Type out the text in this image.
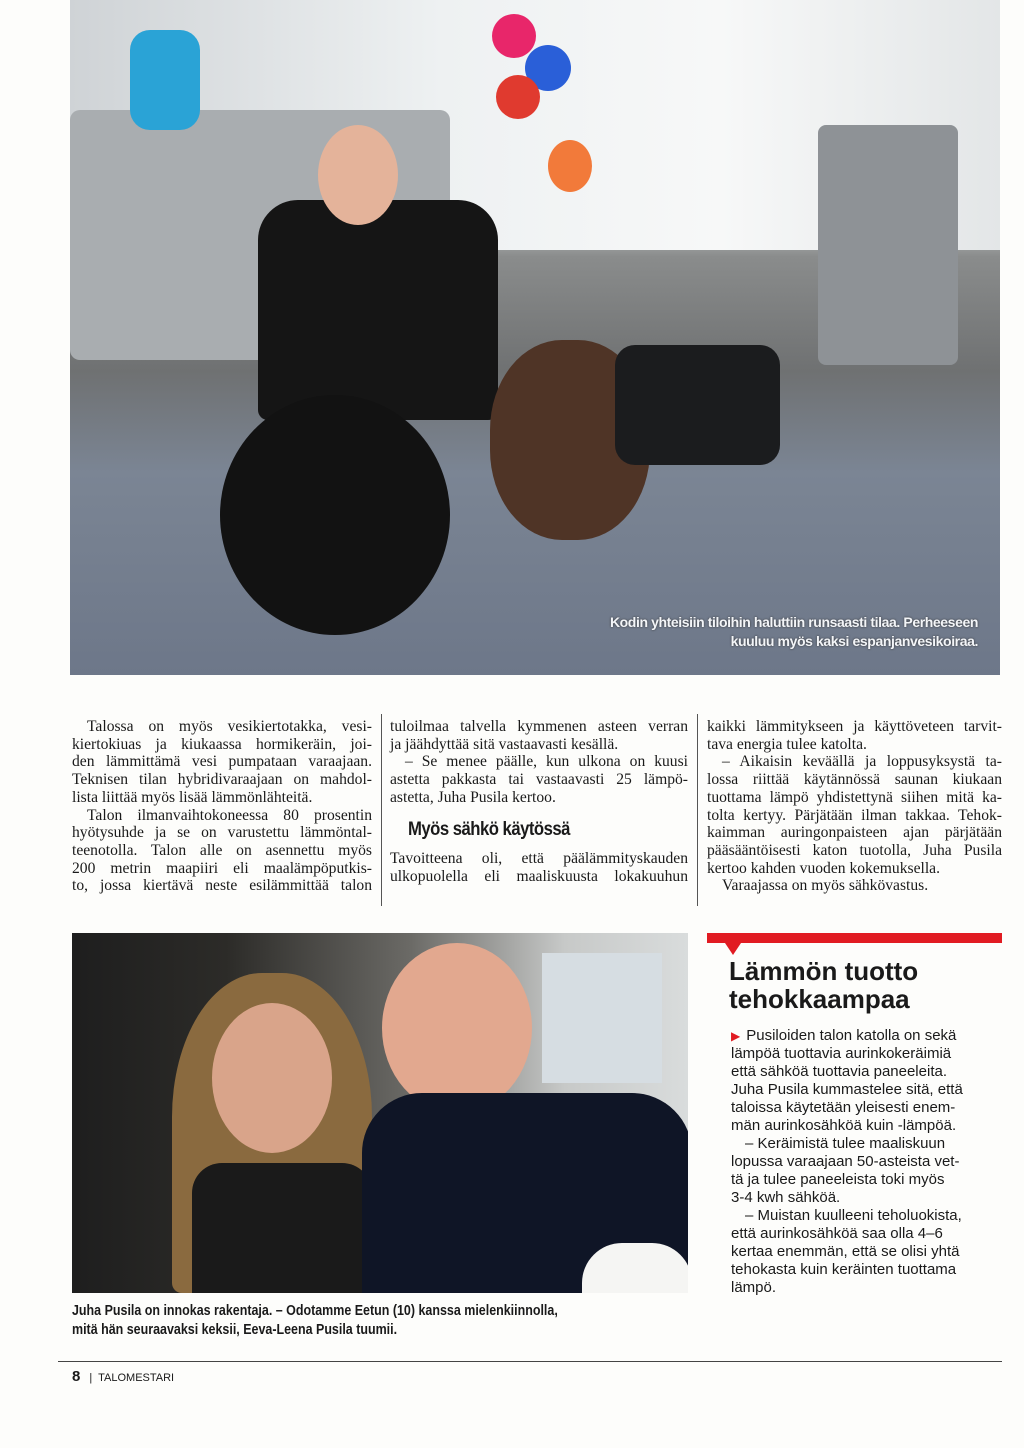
Kodin yhteisiin tiloihin haluttiin runsaasti tilaa. Perheeseen
kuuluu myös kaksi espanjanvesikoiraa.
Talossa on myös vesikiertotakka, vesi-
kiertokiuas ja kiukaassa hormikeräin, joi-
den lämmittämä vesi pumpataan varaajaan.
Teknisen tilan hybridivaraajaan on mahdol-
lista liittää myös lisää lämmönlähteitä.
Talon ilmanvaihtokoneessa 80 prosentin
hyötysuhde ja se on varustettu lämmöntal-
teenotolla. Talon alle on asennettu myös
200 metrin maapiiri eli maalämpöputkis-
to, jossa kiertävä neste esilämmittää talon
tuloilmaa talvella kymmenen asteen verran
ja jäähdyttää sitä vastaavasti kesällä.
– Se menee päälle, kun ulkona on kuusi
astetta pakkasta tai vastaavasti 25 lämpö-
astetta, Juha Pusila kertoo.
Myös sähkö käytössä
Tavoitteena oli, että päälämmityskauden
ulkopuolella eli maaliskuusta lokakuuhun
kaikki lämmitykseen ja käyttöveteen tarvit-
tava energia tulee katolta.
– Aikaisin keväällä ja loppusyksystä ta-
lossa riittää käytännössä saunan kiukaan
tuottama lämpö yhdistettynä siihen mitä ka-
tolta kertyy. Pärjätään ilman takkaa. Tehok-
kaimman auringonpaisteen ajan pärjätään
pääsääntöisesti katon tuotolla, Juha Pusila
kertoo kahden vuoden kokemuksella.
Varaajassa on myös sähkövastus.
Juha Pusila on innokas rakentaja. – Odotamme Eetun (10) kanssa mielenkiinnolla,
mitä hän seuraavaksi keksii, Eeva-Leena Pusila tuumii.
Lämmön tuotto
tehokkaampaa
▶ Pusiloiden talon katolla on sekä
lämpöä tuottavia aurinkokeräimiä
että sähköä tuottavia paneeleita.
Juha Pusila kummastelee sitä, että
taloissa käytetään yleisesti enem-
män aurinkosähköä kuin -lämpöä.
– Keräimistä tulee maaliskuun
lopussa varaajaan 50-asteista vet-
tä ja tulee paneeleista toki myös
3-4 kwh sähköä.
– Muistan kuulleeni teholuokista,
että aurinkosähköä saa olla 4–6
kertaa enemmän, että se olisi yhtä
tehokasta kuin keräinten tuottama
lämpö.
8 | TALOMESTARI
